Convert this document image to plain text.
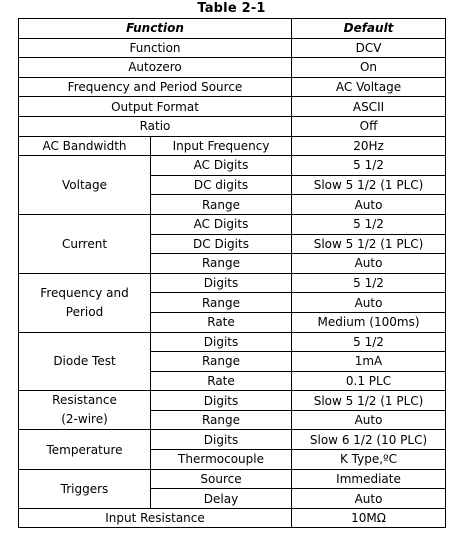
Table 2-1
Function		Default
Function		DCV
Autozero		On
Frequency and Period Source		AC Voltage
Output Format		ASCII
Ratio		Off
AC Bandwidth	Input Frequency	20Hz
Voltage	AC Digits	5 1/2
	DC digits	Slow 5 1/2 (1 PLC)
	Range	Auto
Current	AC Digits	5 1/2
	DC Digits	Slow 5 1/2 (1 PLC)
	Range	Auto
Frequency and
Period	Digits	5 1/2
	Range	Auto
	Rate	Medium (100ms)
Diode Test	Digits	5 1/2
	Range	1mA
	Rate	0.1 PLC
Resistance
(2-wire)	Digits	Slow 5 1/2 (1 PLC)
	Range	Auto
Temperature	Digits	Slow 6 1/2 (10 PLC)
	Thermocouple	K Type,ºC
Triggers	Source	Immediate
	Delay	Auto
Input Resistance		10MΩ
